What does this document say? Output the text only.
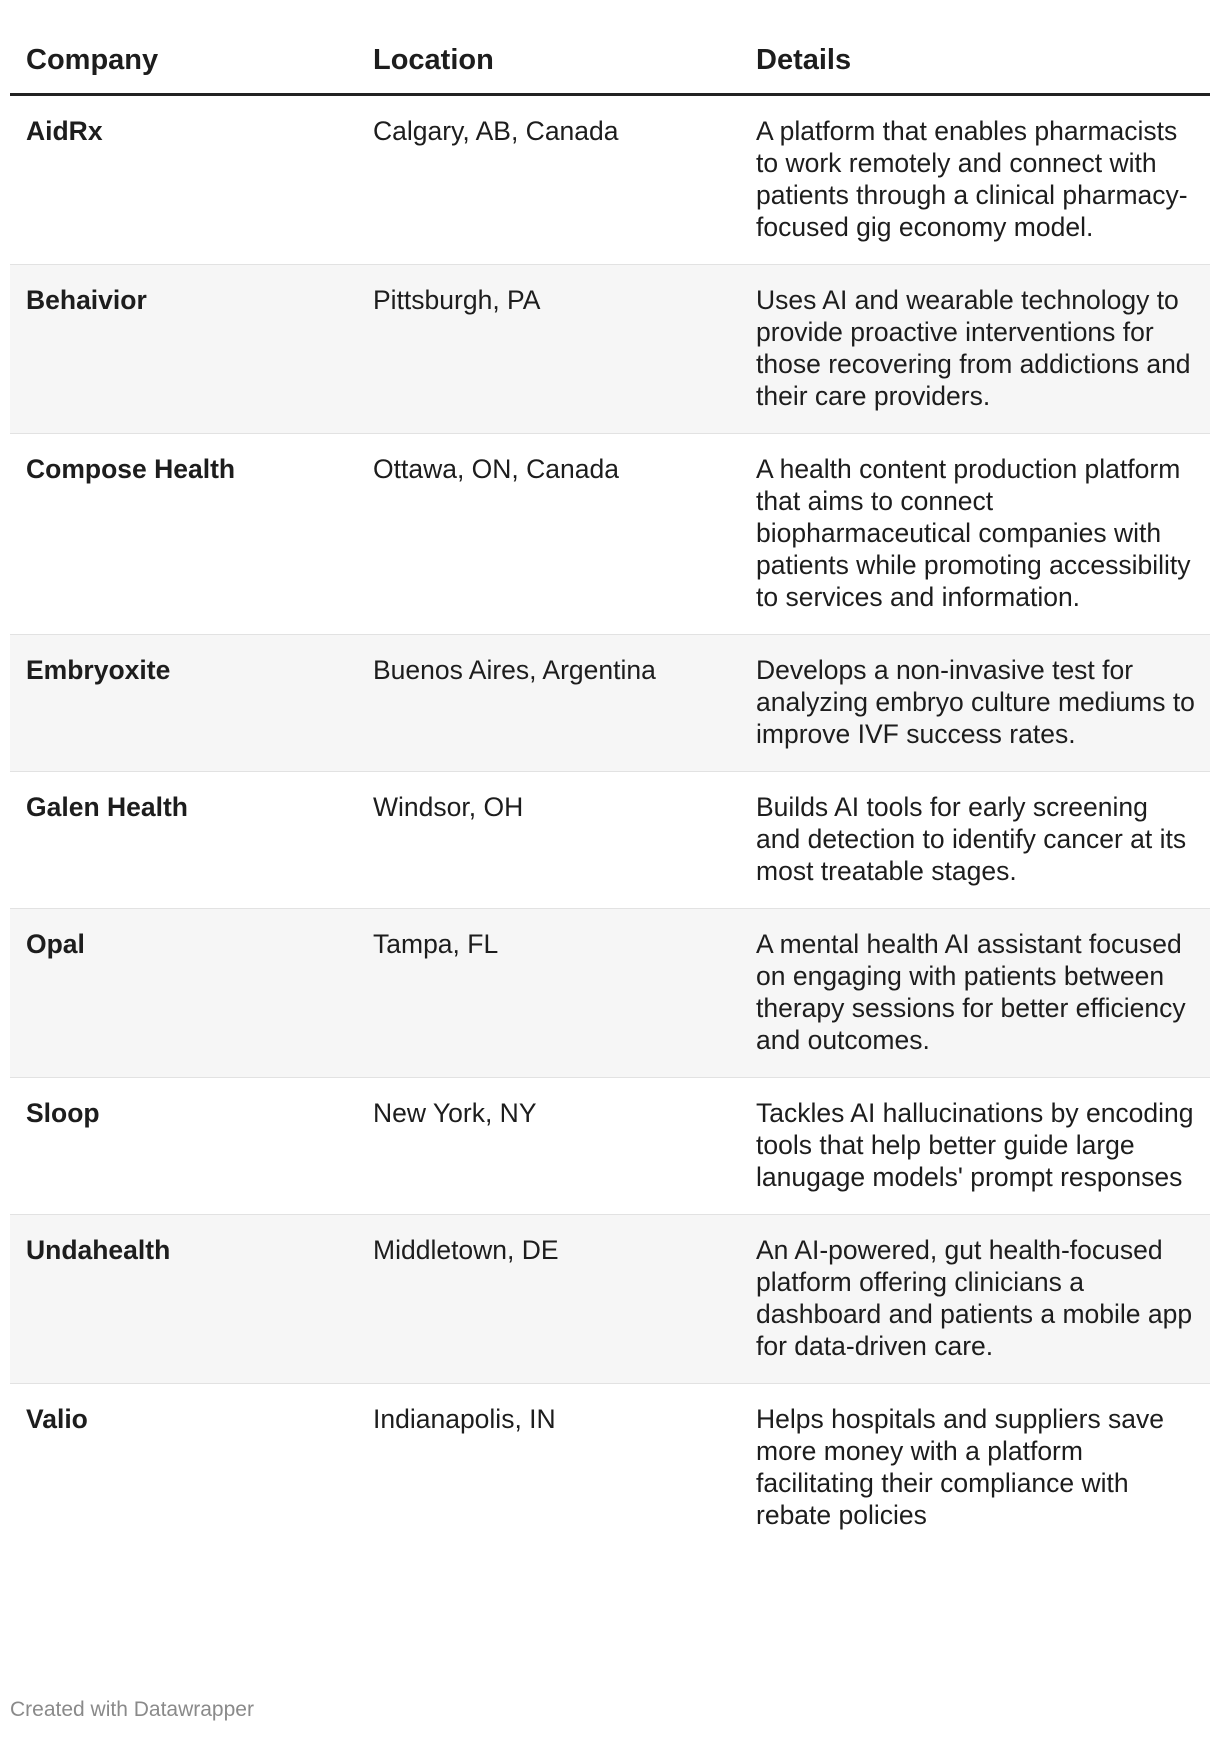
Company	Location	Details
AidRx	Calgary, AB, Canada	A platform that enables pharmacists to work remotely and connect with patients through a clinical pharmacy-focused gig economy model.
Behaivior	Pittsburgh, PA	Uses AI and wearable technology to provide proactive interventions for those recovering from addictions and their care providers.
Compose Health	Ottawa, ON, Canada	A health content production platform that aims to connect biopharmaceutical companies with patients while promoting accessibility to services and information.
Embryoxite	Buenos Aires, Argentina	Develops a non-invasive test for analyzing embryo culture mediums to improve IVF success rates.
Galen Health	Windsor, OH	Builds AI tools for early screening and detection to identify cancer at its most treatable stages.
Opal	Tampa, FL	A mental health AI assistant focused on engaging with patients between therapy sessions for better efficiency and outcomes.
Sloop	New York, NY	Tackles AI hallucinations by encoding tools that help better guide large lanugage models' prompt responses
Undahealth	Middletown, DE	An AI-powered, gut health-focused platform offering clinicians a dashboard and patients a mobile app for data-driven care.
Valio	Indianapolis, IN	Helps hospitals and suppliers save more money with a platform facilitating their compliance with rebate policies
Created with Datawrapper
